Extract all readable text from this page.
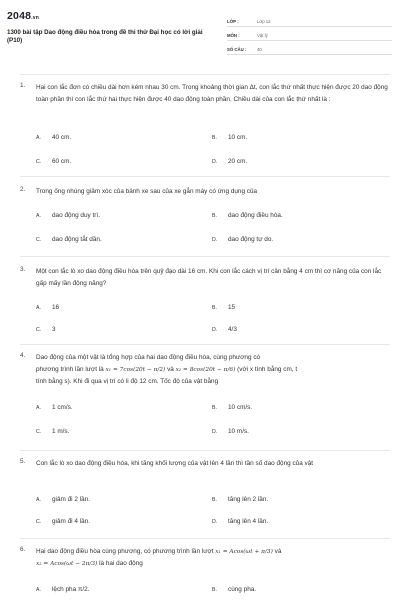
2048.vn
1300 bài tập Dao động điều hòa trong đề thi thử Đại học có lời giải (P10)
LỚP :	Lớp 12
MÔN :	Vật lý
SỐ CÂU :	40
1. Hai con lắc đơn có chiều dài hơn kém nhau 30 cm. Trong khoảng thời gian Δt, con lắc thứ nhất thực hiện được 20 dao động toàn phần thì con lắc thứ hai thực hiện được 40 dao động toàn phần. Chiều dài của con lắc thứ nhất là :
A. 40 cm.	B. 10 cm.
C. 60 cm.	D. 20 cm.
2. Trong ống nhúng giảm xóc của bánh xe sau của xe gắn máy có ứng dụng của
A. dao động duy trì.	B. dao động điều hòa.
C. dao động tắt dần.	D. dao động tự do.
3. Một con lắc lò xo dao động điều hòa trên quỹ đạo dài 16 cm. Khi con lắc cách vị trí cân bằng 4 cm thì cơ năng của con lắc gấp mấy lần động năng?
A. 16	B. 15
C. 3	D. 4/3
4. Dao động của một vật là tổng hợp của hai dao động điều hòa, cùng phương có
phương trình lần lượt là x₁ = 7cos(20t − π/2) và x₂ = 8cos(20t − π/6) (với x tính bằng cm, t
tính bằng s). Khi đi qua vị trí có li độ 12 cm. Tốc độ của vật bằng
A. 1 cm/s.	B. 10 cm/s.
C. 1 m/s.	D. 10 m/s.
5. Con lắc lò xo dao động điều hòa, khi tăng khối lượng của vật lên 4 lần thì tần số dao động của vật
A. giảm đi 2 lần.	B. tăng lên 2 lần.
C. giảm đi 4 lần.	D. tăng lên 4 lần.
6. Hai dao động điều hòa cùng phương, có phương trình lần lượt x₁ = Acos(ωt + π/3) và
x₂ = Acos(ωt − 2π/3) là hai dao động
A. lệch pha π/2.	B. cùng pha.
